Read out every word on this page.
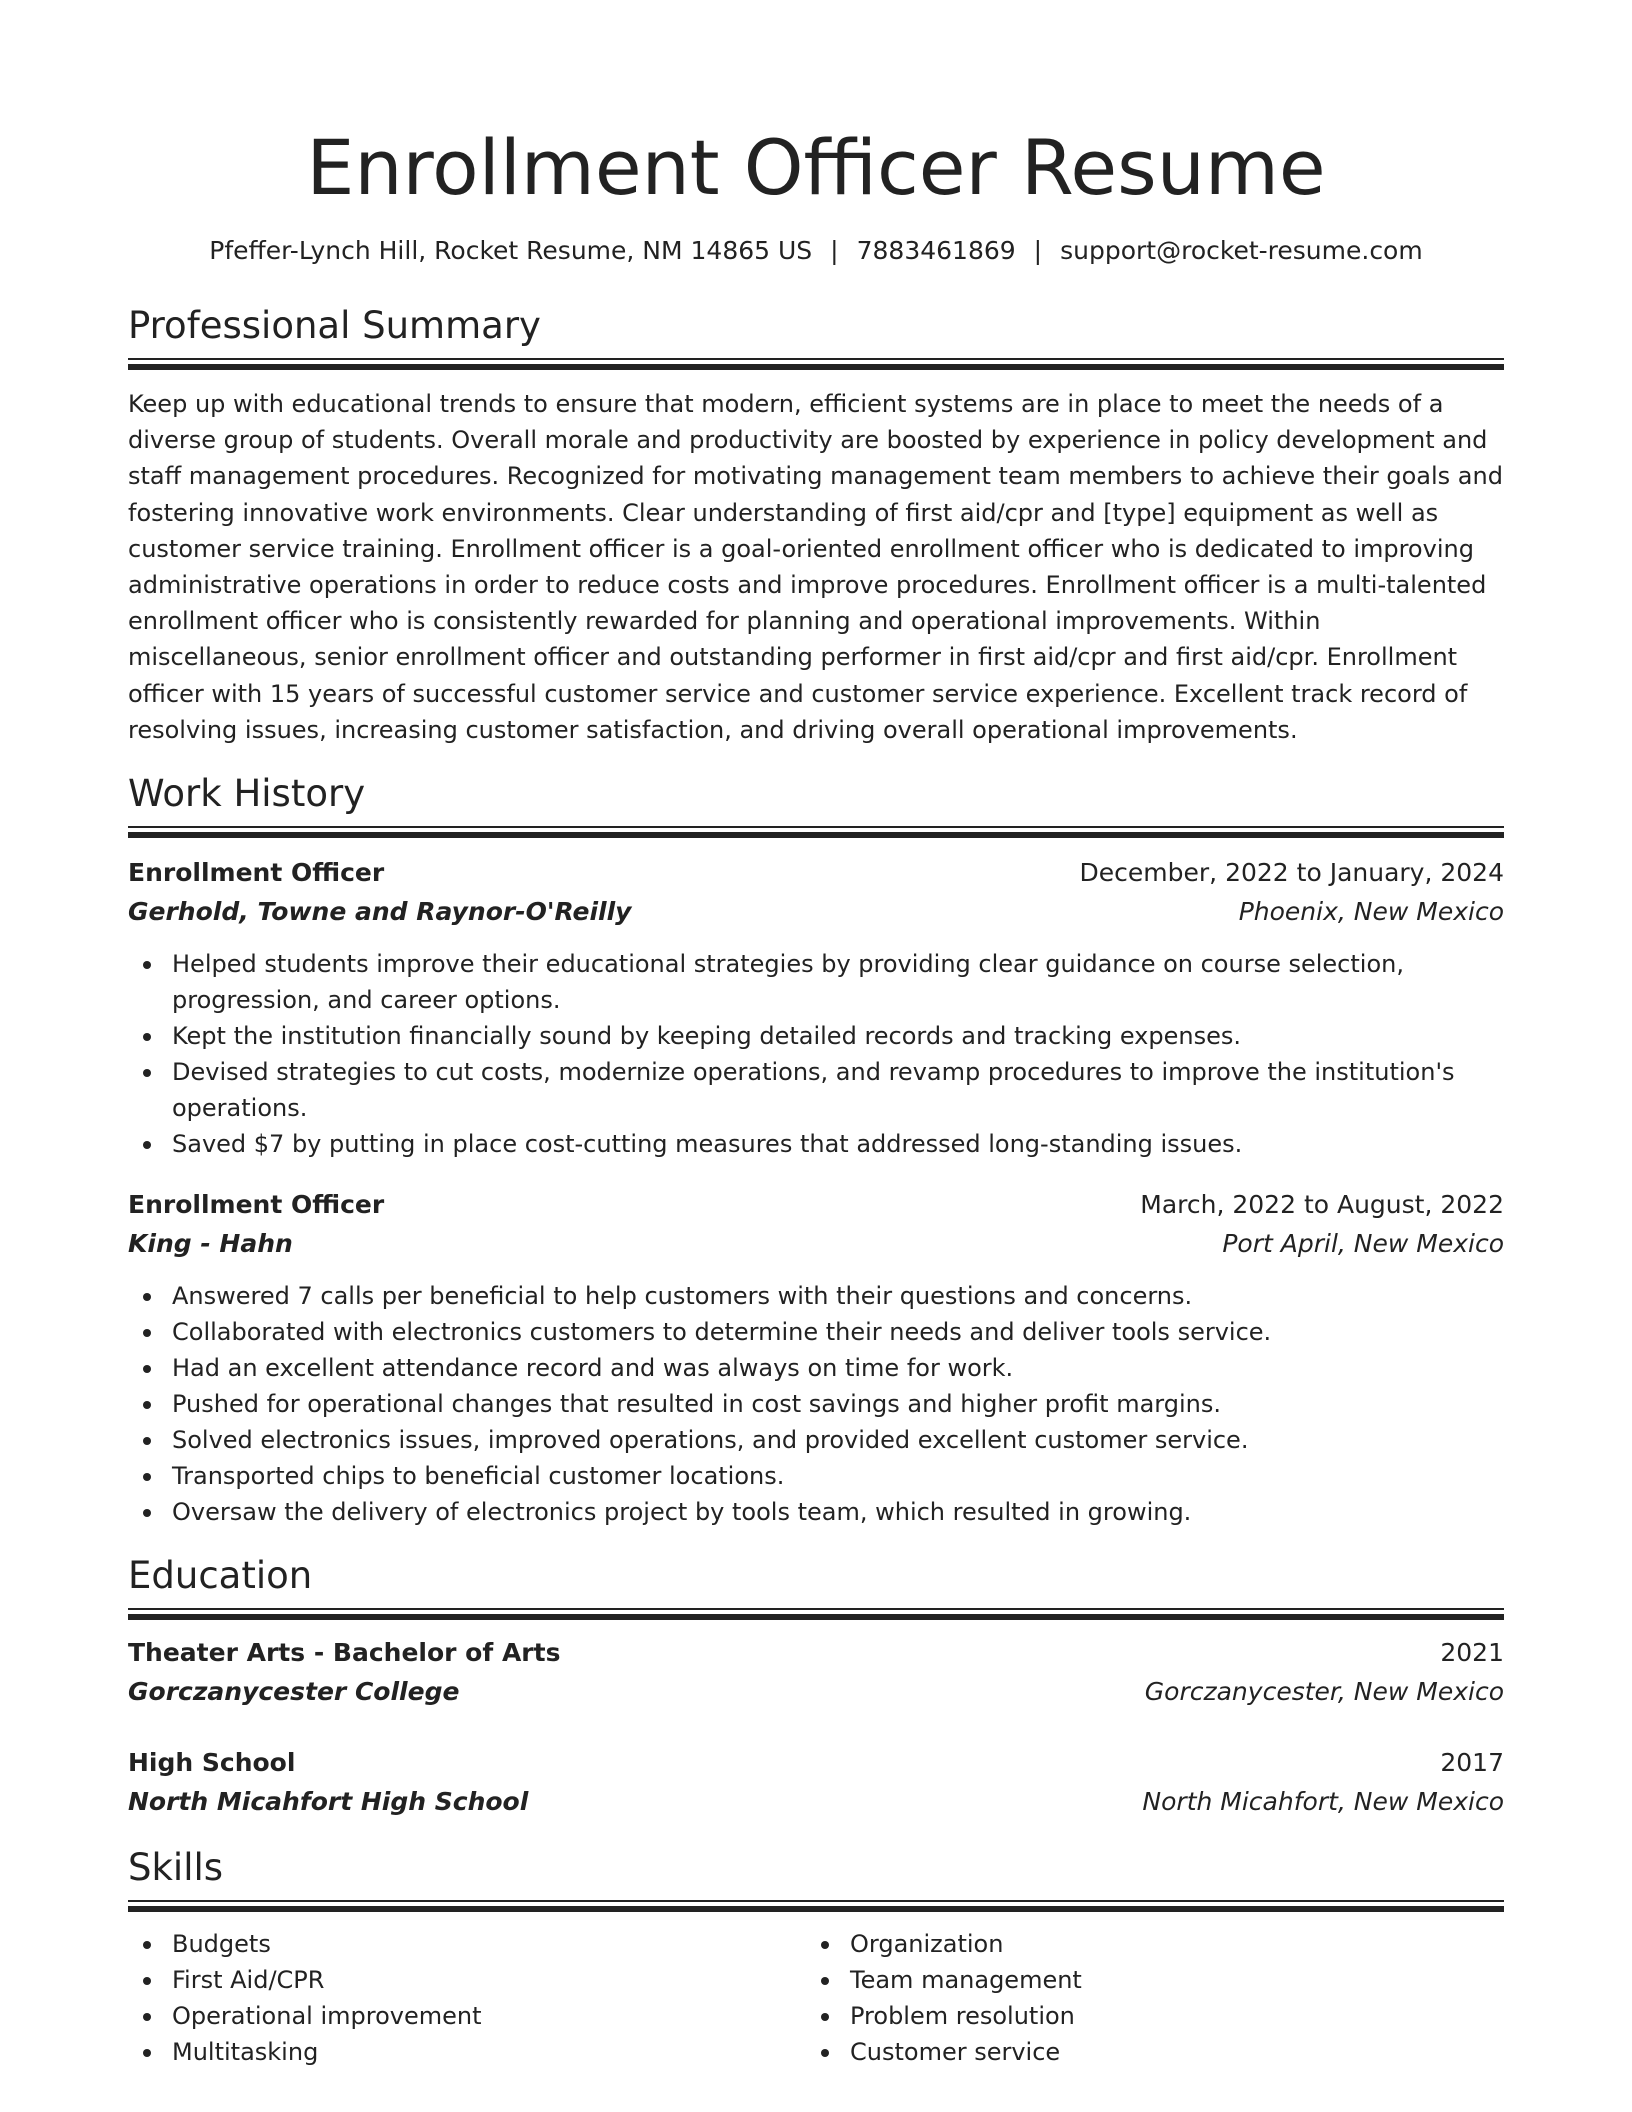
Enrollment Officer Resume
Pfeffer-Lynch Hill, Rocket Resume, NM 14865 US | 7883461869 | support@rocket-resume.com
Professional Summary

Keep up with educational trends to ensure that modern, efficient systems are in place to meet the needs of a diverse group of students. Overall morale and productivity are boosted by experience in policy development and staff management procedures. Recognized for motivating management team members to achieve their goals and fostering innovative work environments. Clear understanding of first aid/cpr and [type] equipment as well as customer service training. Enrollment officer is a goal-oriented enrollment officer who is dedicated to improving administrative operations in order to reduce costs and improve procedures. Enrollment officer is a multi-talented enrollment officer who is consistently rewarded for planning and operational improvements. Within miscellaneous, senior enrollment officer and outstanding performer in first aid/cpr and first aid/cpr. Enrollment officer with 15 years of successful customer service and customer service experience. Excellent track record of resolving issues, increasing customer satisfaction, and driving overall operational improvements.

Work History
Enrollment Officer	December, 2022 to January, 2024
Gerhold, Towne and Raynor-O'Reilly	Phoenix, New Mexico
Helped students improve their educational strategies by providing clear guidance on course selection, progression, and career options.
Kept the institution financially sound by keeping detailed records and tracking expenses.
Devised strategies to cut costs, modernize operations, and revamp procedures to improve the institution's operations.
Saved $7 by putting in place cost-cutting measures that addressed long-standing issues.
Enrollment Officer	March, 2022 to August, 2022
King - Hahn	Port April, New Mexico
Answered 7 calls per beneficial to help customers with their questions and concerns.
Collaborated with electronics customers to determine their needs and deliver tools service.
Had an excellent attendance record and was always on time for work.
Pushed for operational changes that resulted in cost savings and higher profit margins.
Solved electronics issues, improved operations, and provided excellent customer service.
Transported chips to beneficial customer locations.
Oversaw the delivery of electronics project by tools team, which resulted in growing.
Education
Theater Arts - Bachelor of Arts	2021
Gorczanycester College	Gorczanycester, New Mexico
High School	2017
North Micahfort High School	North Micahfort, New Mexico
Skills
Budgets
First Aid/CPR
Operational improvement
Multitasking
Organization
Team management
Problem resolution
Customer service
